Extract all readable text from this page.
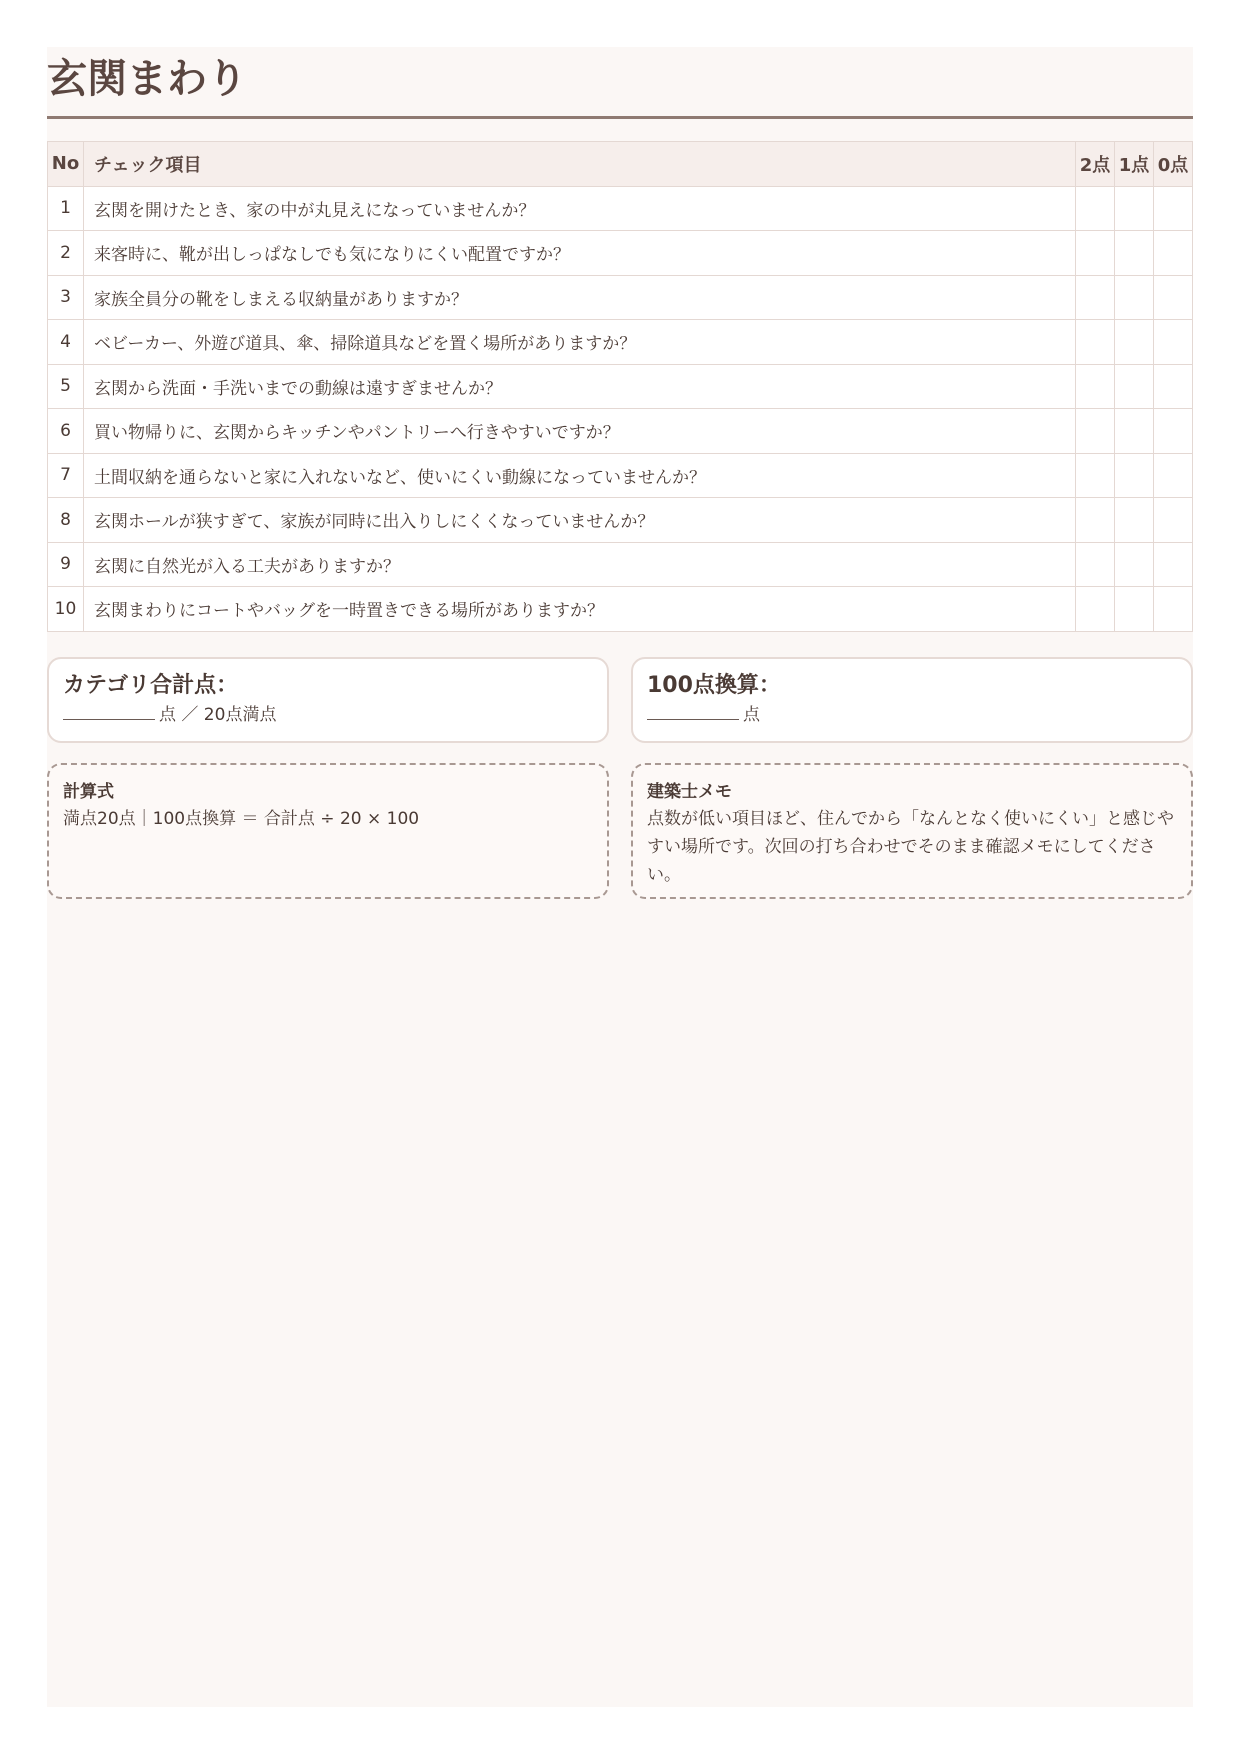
玄関まわり
No	チェック項目	2点	1点	0点
1	玄関を開けたとき、家の中が丸見えになっていませんか？			
2	来客時に、靴が出しっぱなしでも気になりにくい配置ですか？			
3	家族全員分の靴をしまえる収納量がありますか？			
4	ベビーカー、外遊び道具、傘、掃除道具などを置く場所がありますか？			
5	玄関から洗面・手洗いまでの動線は遠すぎませんか？			
6	買い物帰りに、玄関からキッチンやパントリーへ行きやすいですか？			
7	土間収納を通らないと家に入れないなど、使いにくい動線になっていませんか？			
8	玄関ホールが狭すぎて、家族が同時に出入りしにくくなっていませんか？			
9	玄関に自然光が入る工夫がありますか？			
10	玄関まわりにコートやバッグを一時置きできる場所がありますか？			
カテゴリ合計点：
点 ／ 20点満点
100点換算：
点
計算式
満点20点｜100点換算 ＝ 合計点 ÷ 20 × 100
建築士メモ
点数が低い項目ほど、住んでから「なんとなく使いにくい」と感じやすい場所です。次回の打ち合わせでそのまま確認メモにしてください。
